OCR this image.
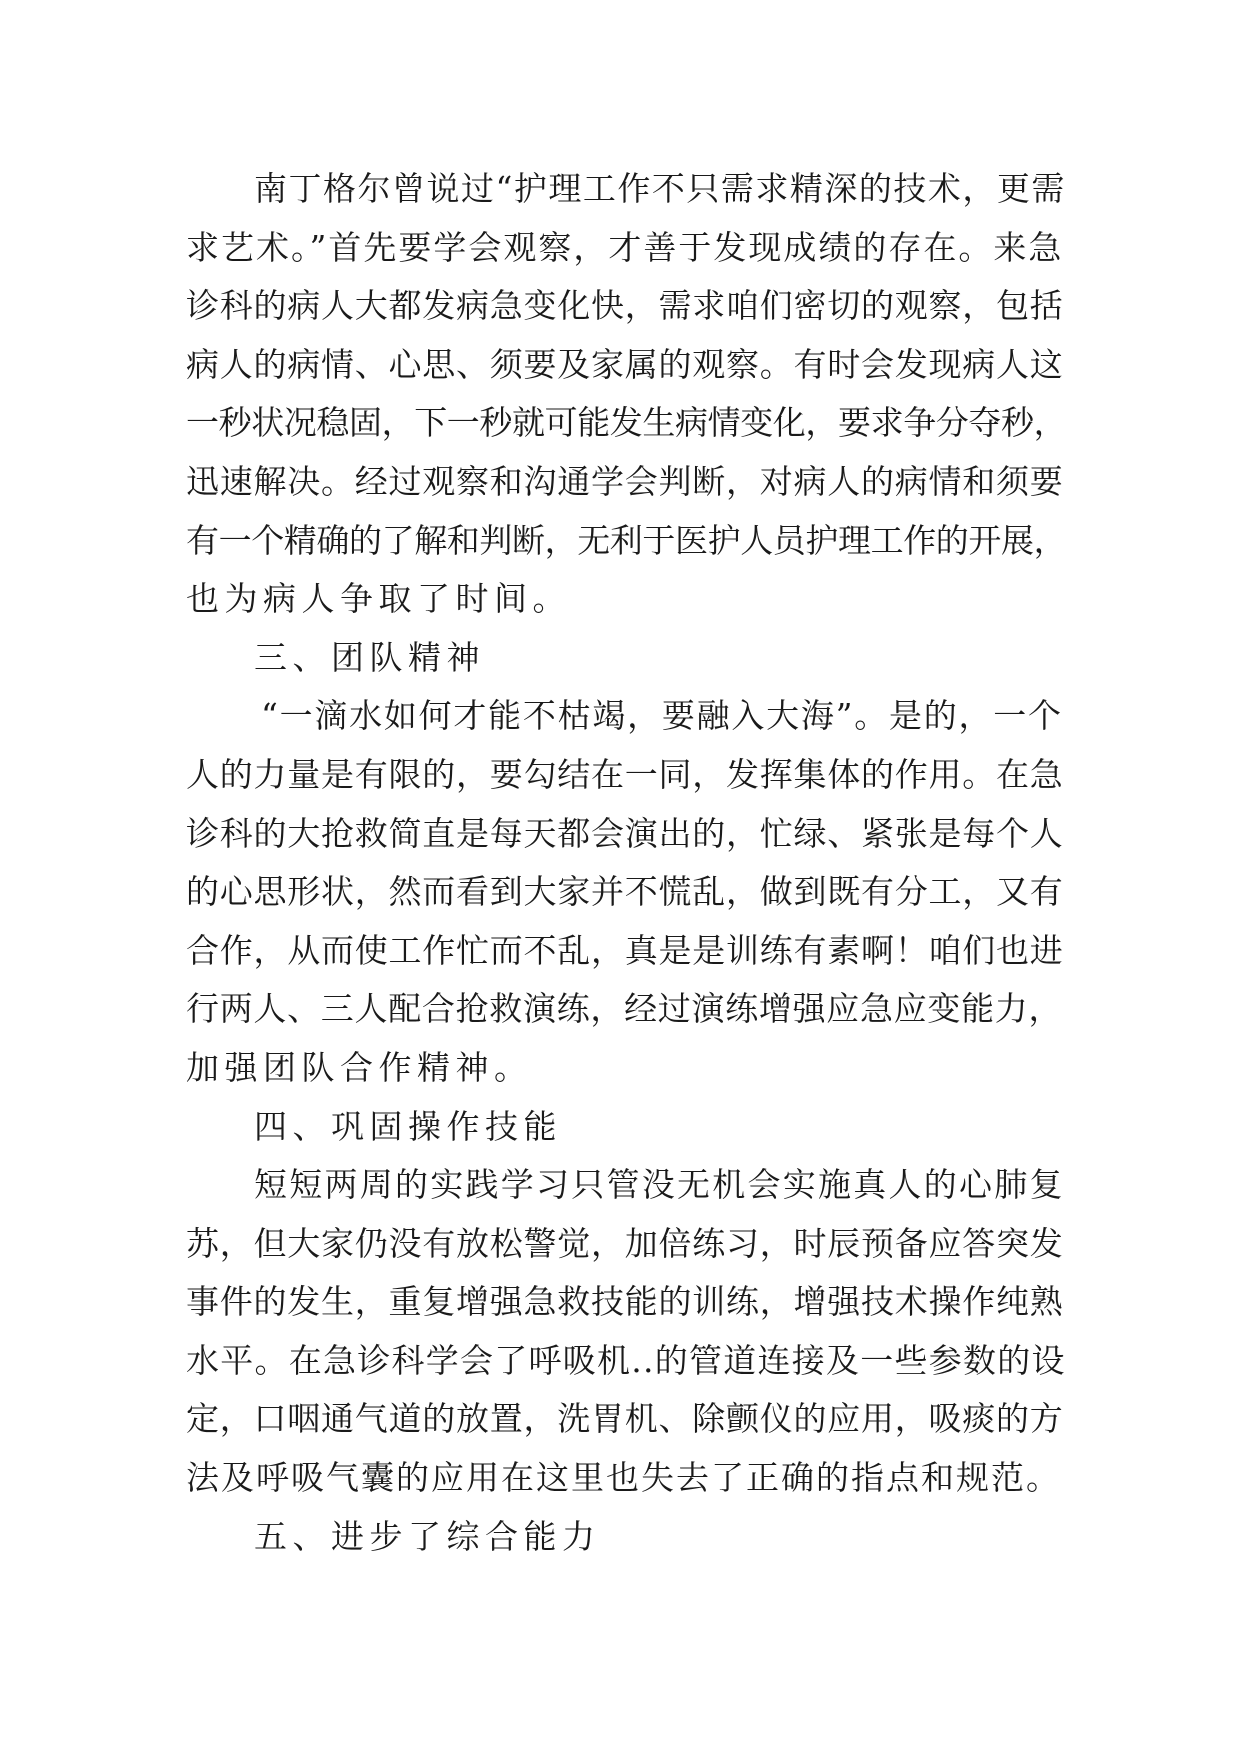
南丁格尔曾说过“护理工作不只需求精深的技术，更需
求艺术。”首先要学会观察，才善于发现成绩的存在。来急
诊科的病人大都发病急变化快，需求咱们密切的观察，包括
病人的病情、心思、须要及家属的观察。有时会发现病人这
一秒状况稳固，下一秒就可能发生病情变化，要求争分夺秒，
迅速解决。经过观察和沟通学会判断，对病人的病情和须要
有一个精确的了解和判断，无利于医护人员护理工作的开展，
也为病人争取了时间。
三、团队精神
“一滴水如何才能不枯竭，要融入大海”。是的，一个
人的力量是有限的，要勾结在一同，发挥集体的作用。在急
诊科的大抢救简直是每天都会演出的，忙绿、紧张是每个人
的心思形状，然而看到大家并不慌乱，做到既有分工，又有
合作，从而使工作忙而不乱，真是是训练有素啊！咱们也进
行两人、三人配合抢救演练，经过演练增强应急应变能力，
加强团队合作精神。
四、巩固操作技能
短短两周的实践学习只管没无机会实施真人的心肺复
苏，但大家仍没有放松警觉，加倍练习，时辰预备应答突发
事件的发生，重复增强急救技能的训练，增强技术操作纯熟
水平。在急诊科学会了呼吸机..的管道连接及一些参数的设
定，口咽通气道的放置，洗胃机、除颤仪的应用，吸痰的方
法及呼吸气囊的应用在这里也失去了正确的指点和规范。
五、进步了综合能力
